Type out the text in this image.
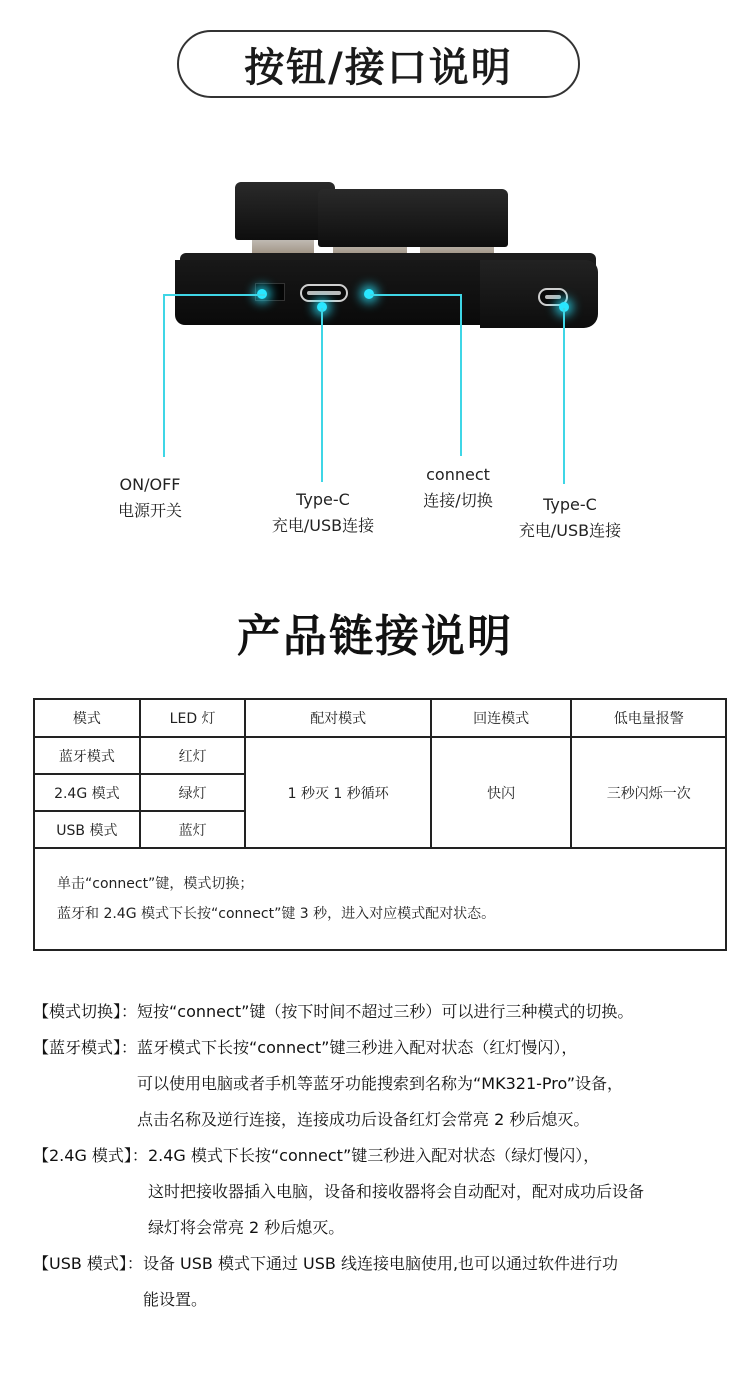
按钮/接口说明
ON/OFF
电源开关
Type-C
充电/USB连接
connect
连接/切换	Type-C
充电/USB连接
产品链接说明
模式	LED 灯	配对模式	回连模式	低电量报警
蓝牙模式	红灯	1 秒灭 1 秒循环	快闪	三秒闪烁一次
2.4G 模式	绿灯			
USB 模式	蓝灯			

单击“connect”键，模式切换；
蓝牙和 2.4G 模式下长按“connect”键 3 秒，进入对应模式配对状态。				
【模式切换】： 短按“connect”键（按下时间不超过三秒）可以进行三种模式的切换。
【蓝牙模式】： 蓝牙模式下长按“connect”键三秒进入配对状态（红灯慢闪），
可以使用电脑或者手机等蓝牙功能搜索到名称为“MK321-Pro”设备，
点击名称及逆行连接，连接成功后设备红灯会常亮 2 秒后熄灭。
【2.4G 模式】： 2.4G 模式下长按“connect”键三秒进入配对状态（绿灯慢闪），
这时把接收器插入电脑，设备和接收器将会自动配对，配对成功后设备
绿灯将会常亮 2 秒后熄灭。
【USB 模式】： 设备 USB 模式下通过 USB 线连接电脑使用,也可以通过软件进行功
能设置。
